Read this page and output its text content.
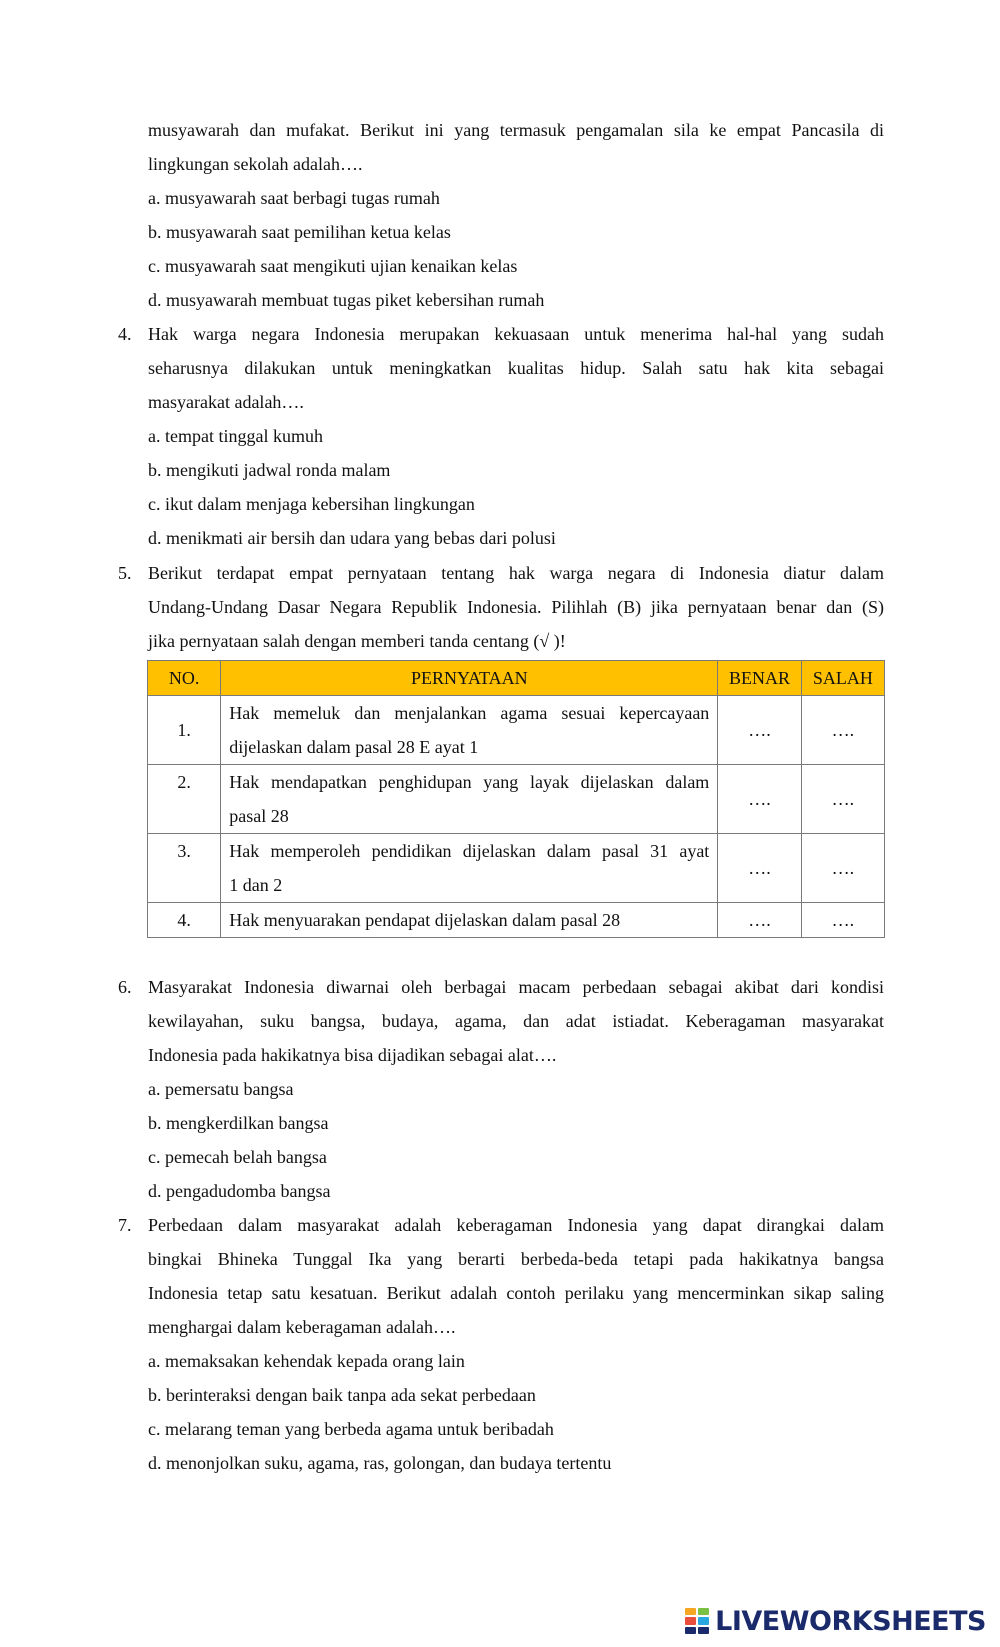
musyawarah dan mufakat. Berikut ini yang termasuk pengamalan sila ke empat Pancasila di
lingkungan sekolah adalah….
a. musyawarah saat berbagi tugas rumah
b. musyawarah saat pemilihan ketua kelas
c. musyawarah saat mengikuti ujian kenaikan kelas
d. musyawarah membuat tugas piket kebersihan rumah
4. Hak warga negara Indonesia merupakan kekuasaan untuk menerima hal-hal yang sudah
seharusnya dilakukan untuk meningkatkan kualitas hidup. Salah satu hak kita sebagai
masyarakat adalah….
a. tempat tinggal kumuh
b. mengikuti jadwal ronda malam
c. ikut dalam menjaga kebersihan lingkungan
d. menikmati air bersih dan udara yang bebas dari polusi
5. Berikut terdapat empat pernyataan tentang hak warga negara di Indonesia diatur dalam
Undang-Undang Dasar Negara Republik Indonesia. Pilihlah (B) jika pernyataan benar dan (S)
jika pernyataan salah dengan memberi tanda centang (√ )!
NO.	PERNYATAAN	BENAR	SALAH
1.	Hak memeluk dan menjalankan agama sesuai kepercayaan
dijelaskan dalam pasal 28 E ayat 1	….	….

2.	Hak mendapatkan penghidupan yang layak dijelaskan dalam
pasal 28	….	….

3.	Hak memperoleh pendidikan dijelaskan dalam pasal 31 ayat
1 dan 2	….	….
4.	Hak menyuarakan pendapat dijelaskan dalam pasal 28	….	….
6. Masyarakat Indonesia diwarnai oleh berbagai macam perbedaan sebagai akibat dari kondisi
kewilayahan, suku bangsa, budaya, agama, dan adat istiadat. Keberagaman masyarakat
Indonesia pada hakikatnya bisa dijadikan sebagai alat….
a. pemersatu bangsa
b. mengkerdilkan bangsa
c. pemecah belah bangsa
d. pengadudomba bangsa
7. Perbedaan dalam masyarakat adalah keberagaman Indonesia yang dapat dirangkai dalam
bingkai Bhineka Tunggal Ika yang berarti berbeda-beda tetapi pada hakikatnya bangsa
Indonesia tetap satu kesatuan. Berikut adalah contoh perilaku yang mencerminkan sikap saling
menghargai dalam keberagaman adalah….
a. memaksakan kehendak kepada orang lain
b. berinteraksi dengan baik tanpa ada sekat perbedaan
c. melarang teman yang berbeda agama untuk beribadah
d. menonjolkan suku, agama, ras, golongan, dan budaya tertentu
LIVEWORKSHEETS
